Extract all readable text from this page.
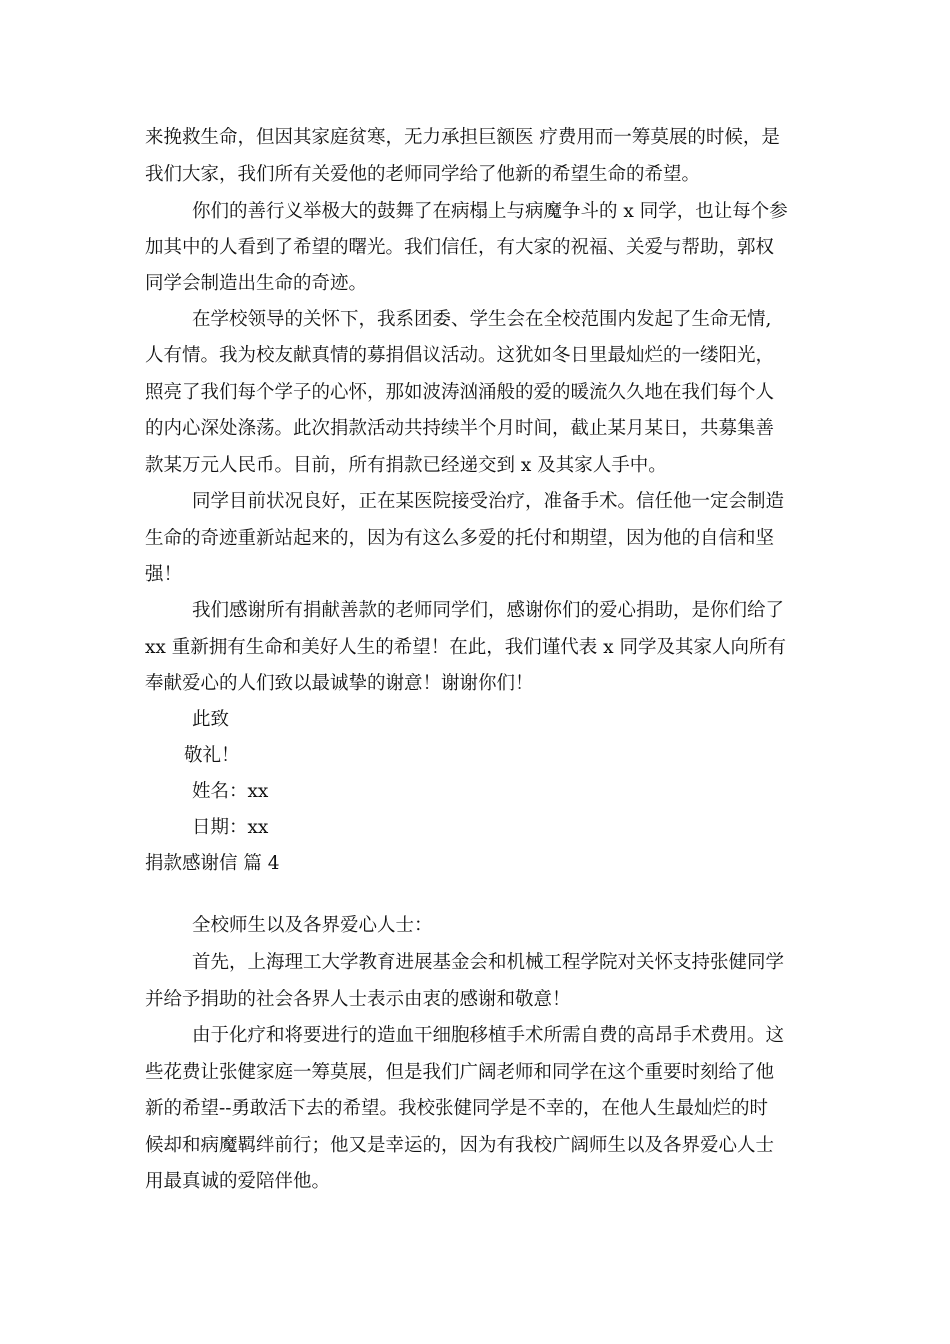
来挽救生命，但因其家庭贫寒，无力承担巨额医 疗费用而一筹莫展的时候，是
我们大家，我们所有关爱他的老师同学给了他新的希望生命的希望。
你们的善行义举极大的鼓舞了在病榻上与病魔争斗的 x 同学，也让每个参
加其中的人看到了希望的曙光。我们信任，有大家的祝福、关爱与帮助，郭权
同学会制造出生命的奇迹。
在学校领导的关怀下，我系团委、学生会在全校范围内发起了生命无情,
人有情。我为校友献真情的募捐倡议活动。这犹如冬日里最灿烂的一缕阳光，
照亮了我们每个学子的心怀，那如波涛汹涌般的爱的暖流久久地在我们每个人
的内心深处涤荡。此次捐款活动共持续半个月时间，截止某月某日，共募集善
款某万元人民币。目前，所有捐款已经递交到 x 及其家人手中。
同学目前状况良好，正在某医院接受治疗，准备手术。信任他一定会制造
生命的奇迹重新站起来的，因为有这么多爱的托付和期望，因为他的自信和坚
强！
我们感谢所有捐献善款的老师同学们，感谢你们的爱心捐助，是你们给了
xx 重新拥有生命和美好人生的希望！在此，我们谨代表 x 同学及其家人向所有
奉献爱心的人们致以最诚挚的谢意！谢谢你们！
此致
敬礼！
姓名：xx
日期：xx
捐款感谢信 篇 4
全校师生以及各界爱心人士：
首先，上海理工大学教育进展基金会和机械工程学院对关怀支持张健同学
并给予捐助的社会各界人士表示由衷的感谢和敬意！
由于化疗和将要进行的造血干细胞移植手术所需自费的高昂手术费用。这
些花费让张健家庭一筹莫展，但是我们广阔老师和同学在这个重要时刻给了他
新的希望--勇敢活下去的希望。我校张健同学是不幸的，在他人生最灿烂的时
候却和病魔羁绊前行；他又是幸运的，因为有我校广阔师生以及各界爱心人士
用最真诚的爱陪伴他。
